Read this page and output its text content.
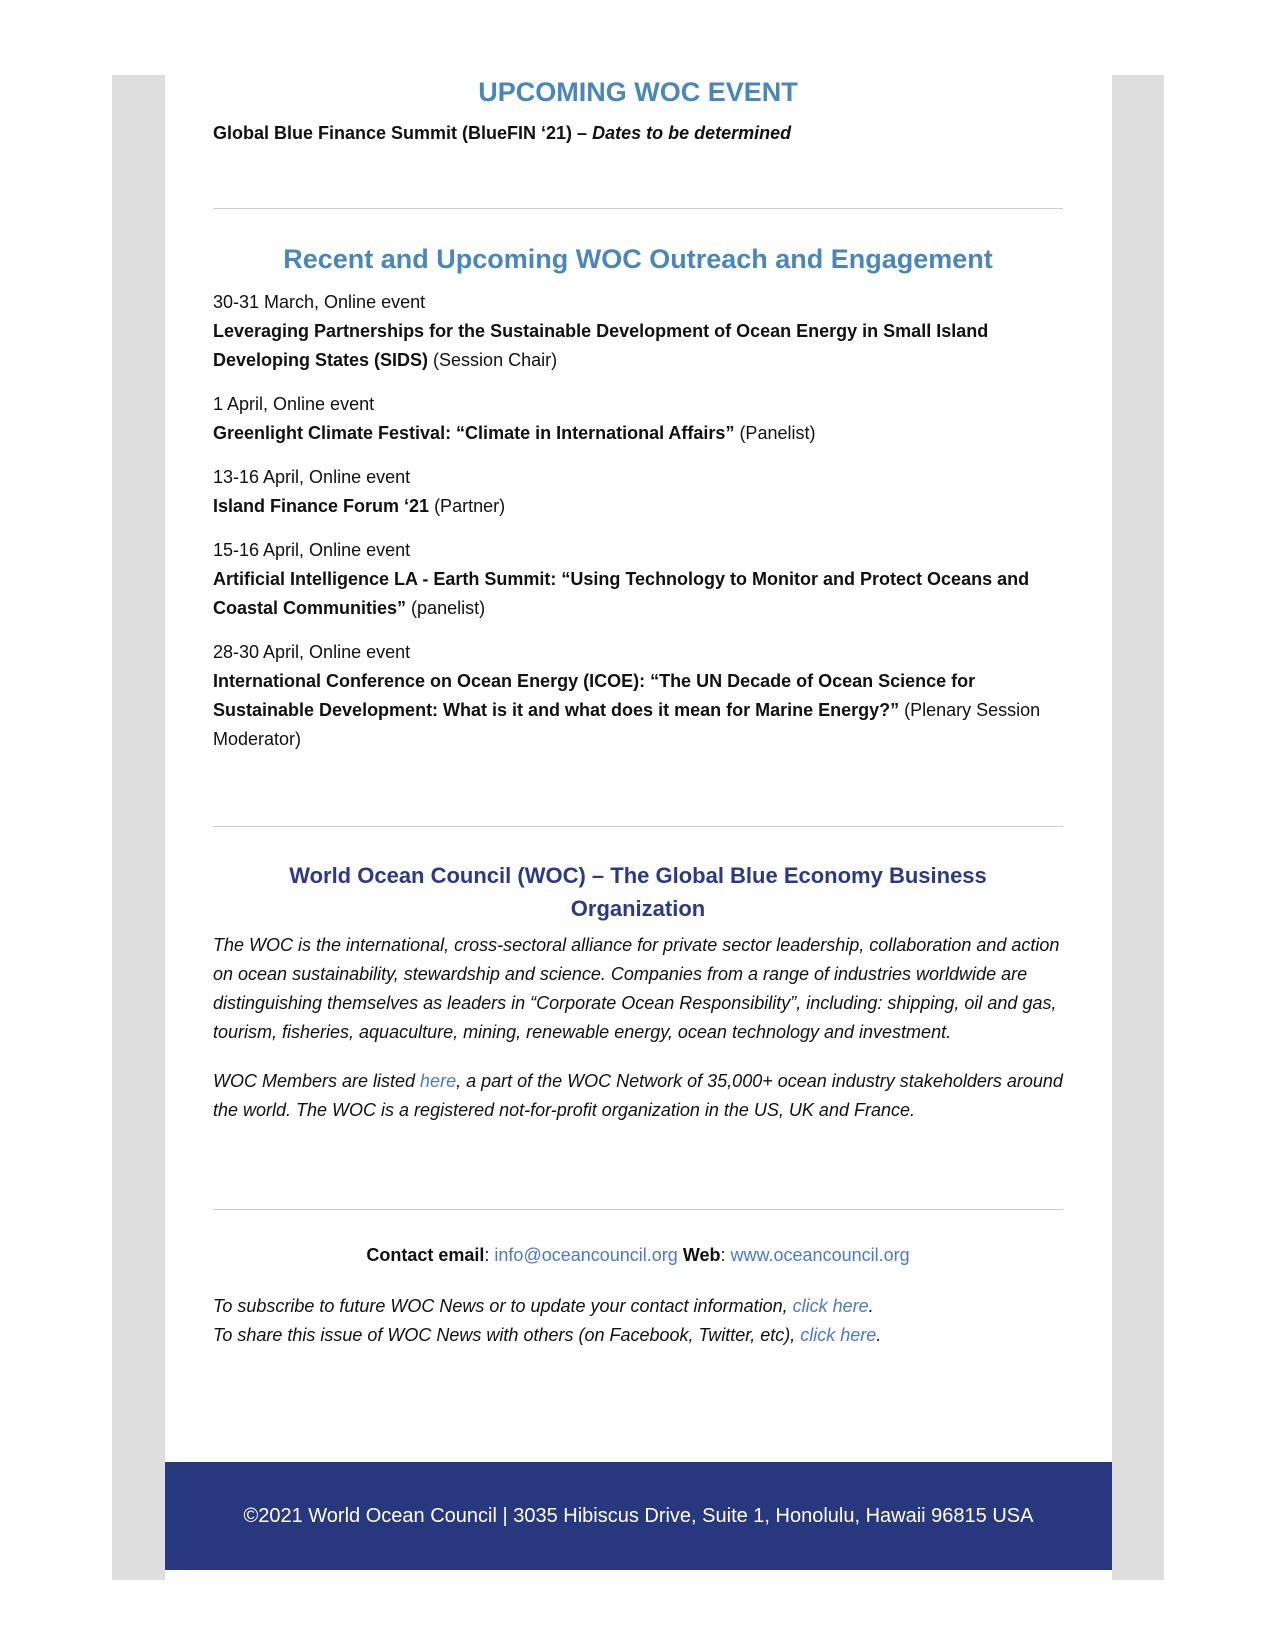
UPCOMING WOC EVENT
Global Blue Finance Summit (BlueFIN ‘21) – Dates to be determined
Recent and Upcoming WOC Outreach and Engagement
30-31 March, Online event
Leveraging Partnerships for the Sustainable Development of Ocean Energy in Small Island Developing States (SIDS) (Session Chair)
1 April, Online event
Greenlight Climate Festival: “Climate in International Affairs” (Panelist)
13-16 April, Online event
Island Finance Forum ‘21 (Partner)
15-16 April, Online event
Artificial Intelligence LA - Earth Summit: “Using Technology to Monitor and Protect Oceans and Coastal Communities” (panelist)
28-30 April, Online event
International Conference on Ocean Energy (ICOE): “The UN Decade of Ocean Science for Sustainable Development: What is it and what does it mean for Marine Energy?” (Plenary Session Moderator)
World Ocean Council (WOC) – The Global Blue Economy Business Organization

The WOC is the international, cross-sectoral alliance for private sector leadership, collaboration and action on ocean sustainability, stewardship and science. Companies from a range of industries worldwide are distinguishing themselves as leaders in “Corporate Ocean Responsibility”, including: shipping, oil and gas, tourism, fisheries, aquaculture, mining, renewable energy, ocean technology and investment.

WOC Members are listed here, a part of the WOC Network of 35,000+ ocean industry stakeholders around the world. The WOC is a registered not-for-profit organization in the US, UK and France.

Contact email: info@oceancouncil.org Web: www.oceancouncil.org

To subscribe to future WOC News or to update your contact information, click here.

To share this issue of WOC News with others (on Facebook, Twitter, etc), click here.

©2021 World Ocean Council | 3035 Hibiscus Drive, Suite 1, Honolulu, Hawaii 96815 USA
